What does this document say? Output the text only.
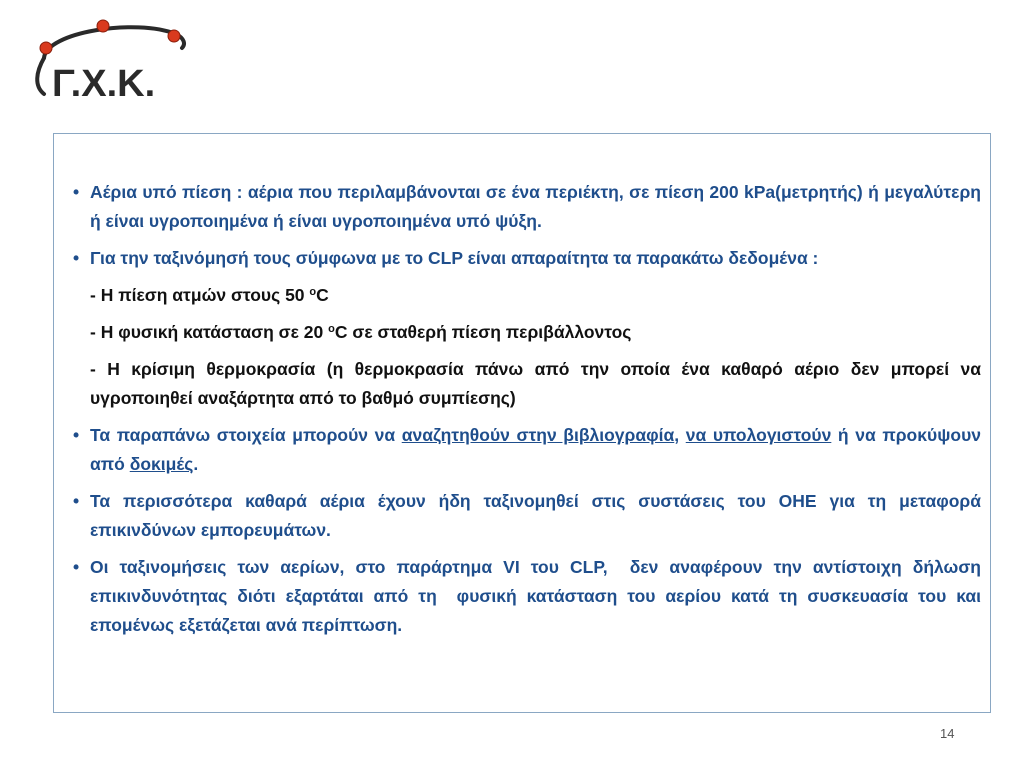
Γ.Χ.Κ.
• Αέρια υπό πίεση : αέρια που περιλαμβάνονται σε ένα περιέκτη, σε πίεση 200 kPa(μετρητής) ή μεγαλύτερη ή είναι υγροποιημένα ή είναι υγροποιημένα υπό ψύξη.
• Για την ταξινόμησή τους σύμφωνα με το CLP είναι απαραίτητα τα παρακάτω δεδομένα :
- Η πίεση ατμών στους 50 $^o$C
- Η φυσική κατάσταση σε 20 $^o$C σε σταθερή πίεση περιβάλλοντος
- Η κρίσιμη θερμοκρασία (η θερμοκρασία πάνω από την οποία ένα καθαρό αέριο δεν μπορεί να υγροποιηθεί αναξάρτητα από το βαθμό συμπίεσης)
• Τα παραπάνω στοιχεία μπορούν να αναζητηθούν στην βιβλιογραφία, να υπολογιστούν ή να προκύψουν από δοκιμές.
• Τα περισσότερα καθαρά αέρια έχουν ήδη ταξινομηθεί στις συστάσεις του ΟΗΕ για τη μεταφορά επικινδύνων εμπορευμάτων.
• Οι ταξινομήσεις των αερίων, στο παράρτημα VI του CLP,  δεν αναφέρουν την αντίστοιχη δήλωση επικινδυνότητας διότι εξαρτάται από τη  φυσική κατάσταση του αερίου κατά τη συσκευασία του και επομένως εξετάζεται ανά περίπτωση.
14
